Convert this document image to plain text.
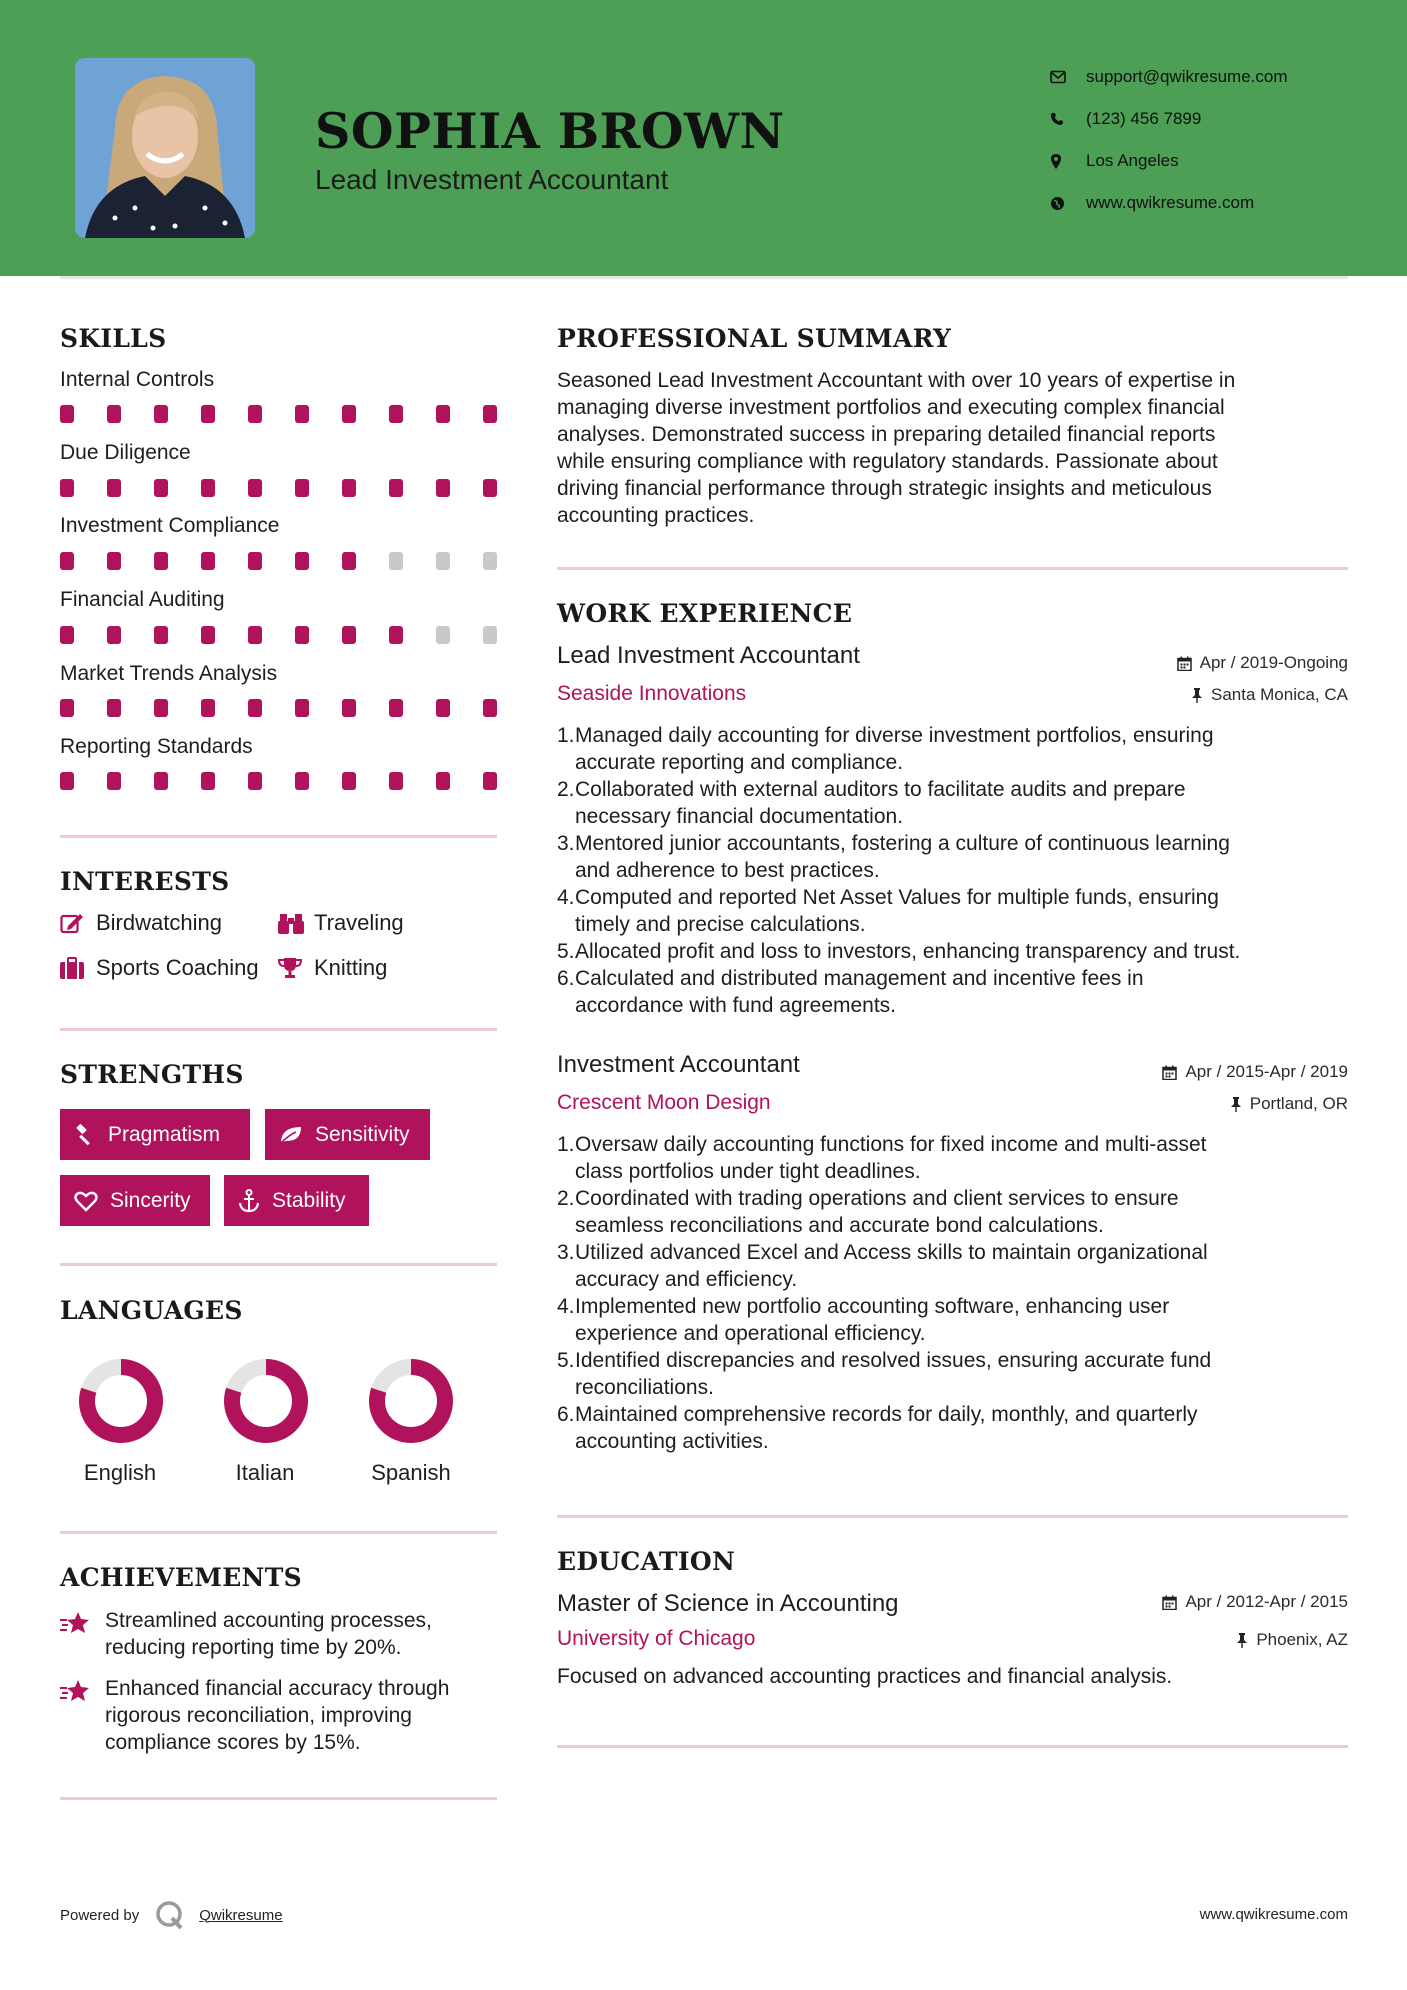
SOPHIA BROWN
Lead Investment Accountant
support@qwikresume.com
(123) 456 7899
Los Angeles
www.qwikresume.com
SKILLS
Internal Controls
Due Diligence
Investment Compliance
Financial Auditing
Market Trends Analysis
Reporting Standards
INTERESTS
Birdwatching	Traveling
Sports Coaching	Knitting
STRENGTHS
Pragmatism	Sensitivity
Sincerity	Stability
LANGUAGES
English	Italian	Spanish
ACHIEVEMENTS
Streamlined accounting processes,
reducing reporting time by 20%.
Enhanced financial accuracy through
rigorous reconciliation, improving
compliance scores by 15%.
PROFESSIONAL SUMMARY
Seasoned Lead Investment Accountant with over 10 years of expertise in
managing diverse investment portfolios and executing complex financial
analyses. Demonstrated success in preparing detailed financial reports
while ensuring compliance with regulatory standards. Passionate about
driving financial performance through strategic insights and meticulous
accounting practices.
WORK EXPERIENCE
Lead Investment Accountant	Apr / 2019-Ongoing
Seaside Innovations	Santa Monica, CA
1. Managed daily accounting for diverse investment portfolios, ensuring
accurate reporting and compliance.
2. Collaborated with external auditors to facilitate audits and prepare
necessary financial documentation.
3. Mentored junior accountants, fostering a culture of continuous learning
and adherence to best practices.
4. Computed and reported Net Asset Values for multiple funds, ensuring
timely and precise calculations.
5. Allocated profit and loss to investors, enhancing transparency and trust.
6. Calculated and distributed management and incentive fees in
accordance with fund agreements.
Investment Accountant	Apr / 2015-Apr / 2019
Crescent Moon Design	Portland, OR
1. Oversaw daily accounting functions for fixed income and multi-asset
class portfolios under tight deadlines.
2. Coordinated with trading operations and client services to ensure
seamless reconciliations and accurate bond calculations.
3. Utilized advanced Excel and Access skills to maintain organizational
accuracy and efficiency.
4. Implemented new portfolio accounting software, enhancing user
experience and operational efficiency.
5. Identified discrepancies and resolved issues, ensuring accurate fund
reconciliations.
6. Maintained comprehensive records for daily, monthly, and quarterly
accounting activities.
EDUCATION
Master of Science in Accounting	Apr / 2012-Apr / 2015
University of Chicago	Phoenix, AZ
Focused on advanced accounting practices and financial analysis.
Powered by	Qwikresume	www.qwikresume.com
